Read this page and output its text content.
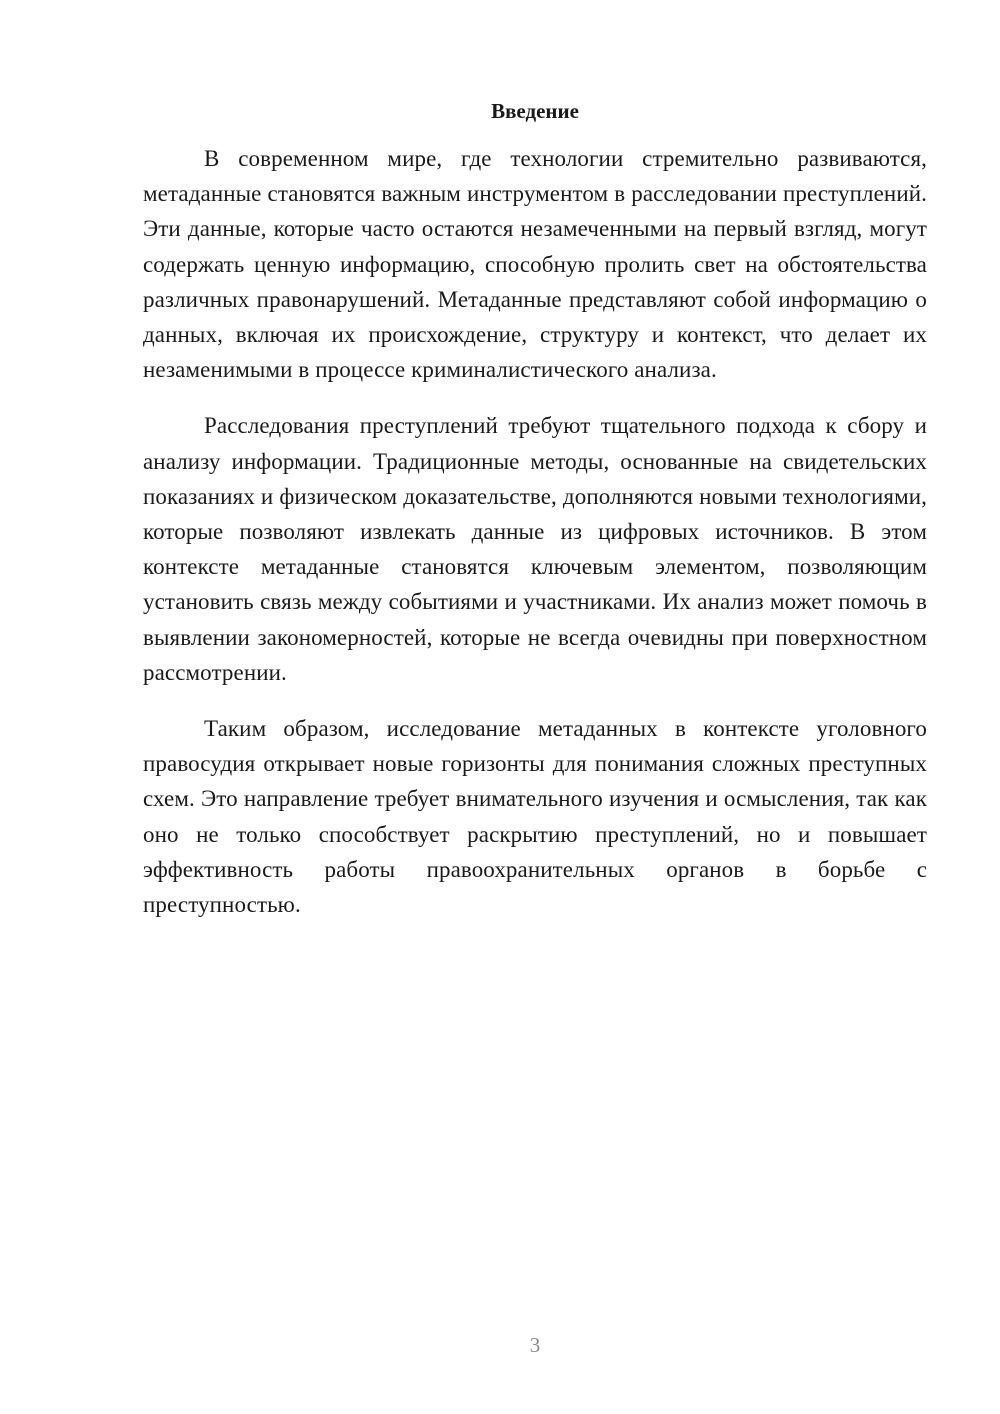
Введение

В современном мире, где технологии стремительно развиваются, метаданные становятся важным инструментом в расследовании преступлений. Эти данные, которые часто остаются незамеченными на первый взгляд, могут содержать ценную информацию, способную пролить свет на обстоятельства различных правонарушений. Метаданные представляют собой информацию о данных, включая их происхождение, структуру и контекст, что делает их незаменимыми в процессе криминалистического анализа.

Расследования преступлений требуют тщательного подхода к сбору и анализу информации. Традиционные методы, основанные на свидетельских показаниях и физическом доказательстве, дополняются новыми технологиями, которые позволяют извлекать данные из цифровых источников. В этом контексте метаданные становятся ключевым элементом, позволяющим установить связь между событиями и участниками. Их анализ может помочь в выявлении закономерностей, которые не всегда очевидны при поверхностном рассмотрении.

Таким образом, исследование метаданных в контексте уголовного правосудия открывает новые горизонты для понимания сложных преступных схем. Это направление требует внимательного изучения и осмысления, так как оно не только способствует раскрытию преступлений, но и повышает эффективность работы правоохранительных органов в борьбе с преступностью.

3
